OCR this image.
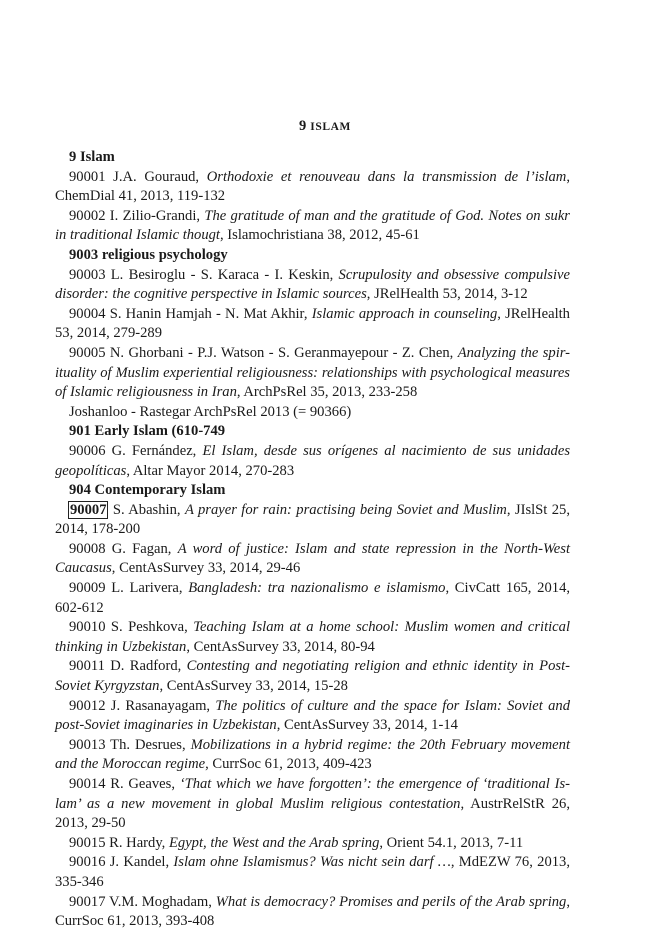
9 ISLAM
9 Islam
90001 J.A. Gouraud, Orthodoxie et renouveau dans la transmission de l’islam, ChemDial 41, 2013, 119-132
90002 I. Zilio-Grandi, The gratitude of man and the gratitude of God. Notes on sukr in traditional Islamic thougt, Islamochristiana 38, 2012, 45-61
9003 religious psychology
90003 L. Besiroglu - S. Karaca - I. Keskin, Scrupulosity and obsessive compulsive disorder: the cognitive perspective in Islamic sources, JRelHealth 53, 2014, 3-12
90004 S. Hanin Hamjah - N. Mat Akhir, Islamic approach in counseling, JRelHealth 53, 2014, 279-289
90005 N. Ghorbani - P.J. Watson - S. Geranmayepour - Z. Chen, Analyzing the spir-ituality of Muslim experiential religiousness: relationships with psychological measures of Islamic religiousness in Iran, ArchPsRel 35, 2013, 233-258
Joshanloo - Rastegar ArchPsRel 2013 (= 90366)
901 Early Islam (610-749
90006 G. Fernández, El Islam, desde sus orígenes al nacimiento de sus unidades geopolíticas, Altar Mayor 2014, 270-283
904 Contemporary Islam
90007 S. Abashin, A prayer for rain: practising being Soviet and Muslim, JIslSt 25, 2014, 178-200
90008 G. Fagan, A word of justice: Islam and state repression in the North-West Caucasus, CentAsSurvey 33, 2014, 29-46
90009 L. Larivera, Bangladesh: tra nazionalismo e islamismo, CivCatt 165, 2014, 602-612
90010 S. Peshkova, Teaching Islam at a home school: Muslim women and critical thinking in Uzbekistan, CentAsSurvey 33, 2014, 80-94
90011 D. Radford, Contesting and negotiating religion and ethnic identity in Post-Soviet Kyrgyzstan, CentAsSurvey 33, 2014, 15-28
90012 J. Rasanayagam, The politics of culture and the space for Islam: Soviet and post-Soviet imaginaries in Uzbekistan, CentAsSurvey 33, 2014, 1-14
90013 Th. Desrues, Mobilizations in a hybrid regime: the 20th February movement and the Moroccan regime, CurrSoc 61, 2013, 409-423
90014 R. Geaves, ‘That which we have forgotten’: the emergence of ‘traditional Is-lam’ as a new movement in global Muslim religious contestation, AustrRelStR 26, 2013, 29-50
90015 R. Hardy, Egypt, the West and the Arab spring, Orient 54.1, 2013, 7-11
90016 J. Kandel, Islam ohne Islamismus? Was nicht sein darf …, MdEZW 76, 2013, 335-346
90017 V.M. Moghadam, What is democracy? Promises and perils of the Arab spring, CurrSoc 61, 2013, 393-408
